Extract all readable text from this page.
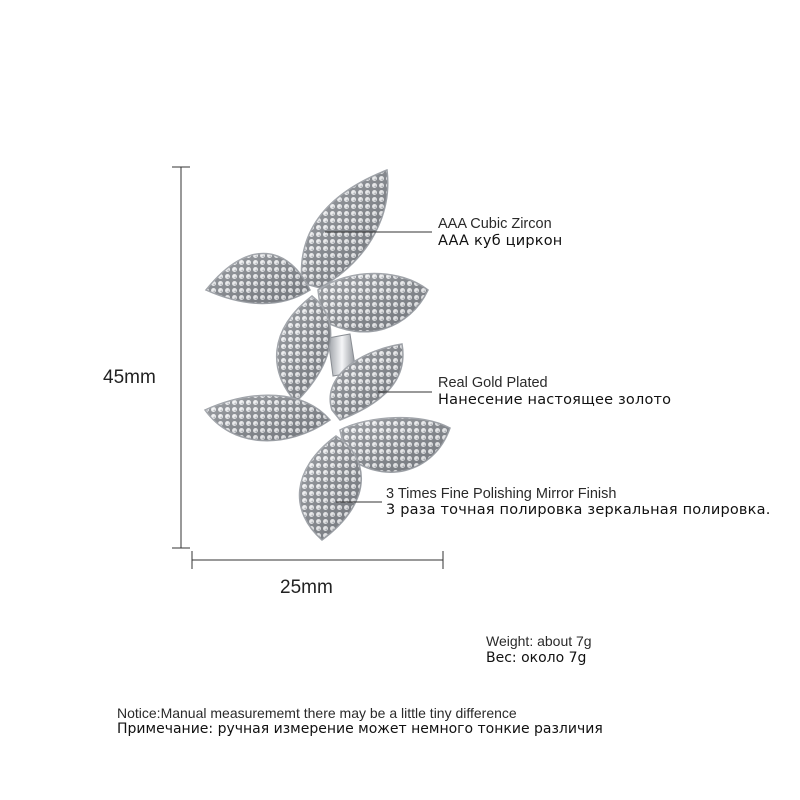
45mm
25mm
AAA Cubic Zircon
AAA куб циркон
Real Gold Plated
Нанесение настоящее золото
3 Times Fine Polishing Mirror Finish
3 раза точная полировка зеркальная полировка.
Weight: about 7g
Вес: около 7g
Notice:Manual measurememt there may be a little tiny difference
Примечание: ручная измерение может немного тонкие различия
